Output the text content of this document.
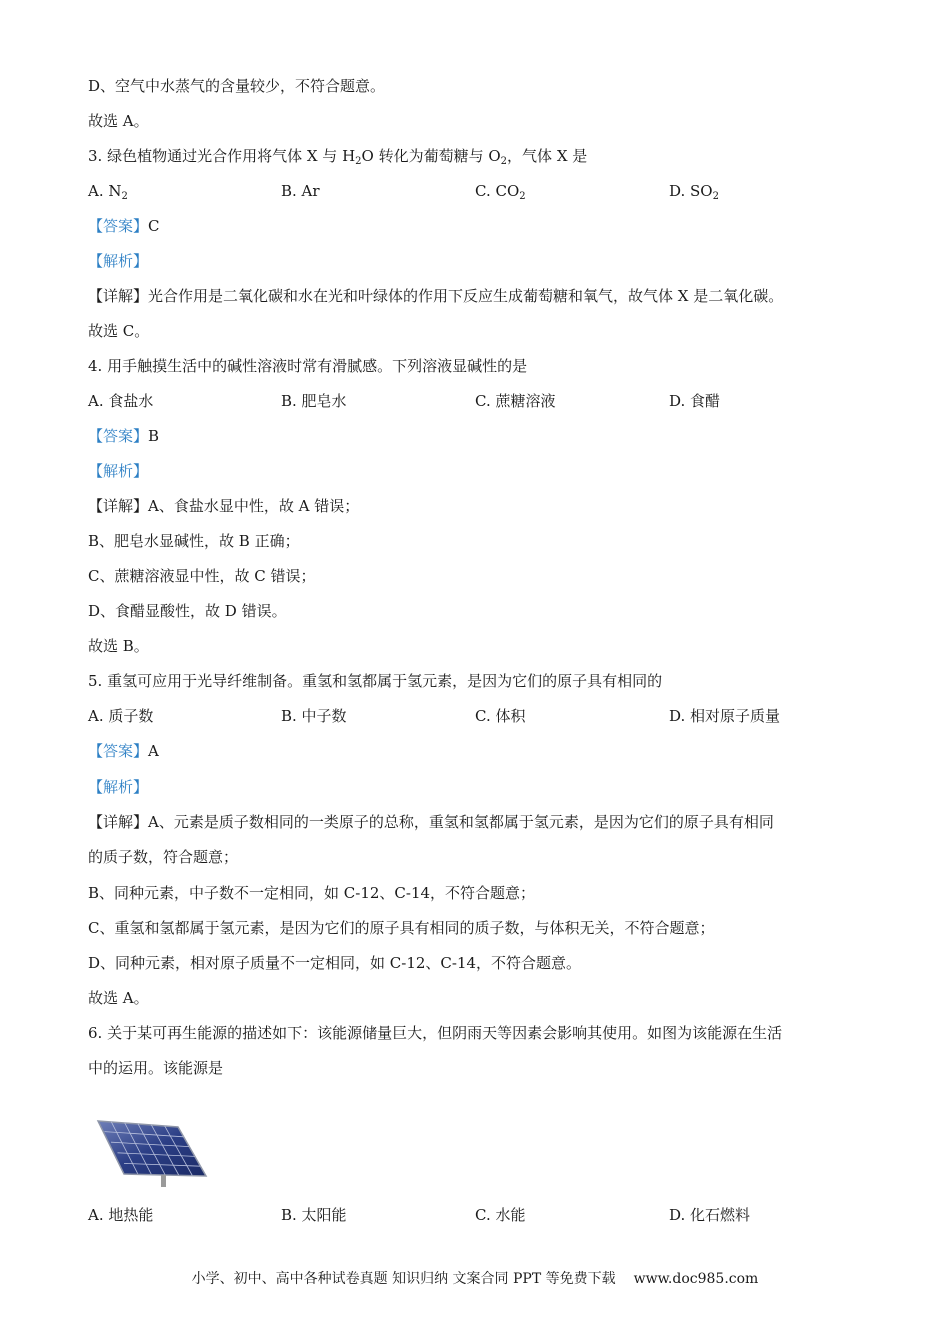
D、空气中水蒸气的含量较少，不符合题意。
故选 A。
3. 绿色植物通过光合作用将气体 X 与 $H_2O$ 转化为葡萄糖与 $O_2$，气体 X 是
A. $N_2$	B. Ar	C. $CO_2$	D. $SO_2$
【答案】C
【解析】
【详解】光合作用是二氧化碳和水在光和叶绿体的作用下反应生成葡萄糖和氧气，故气体 X 是二氧化碳。
故选 C。
4. 用手触摸生活中的碱性溶液时常有滑腻感。下列溶液显碱性的是
A. 食盐水	B. 肥皂水	C. 蔗糖溶液	D. 食醋
【答案】B
【解析】
【详解】A、食盐水显中性，故 A 错误；
B、肥皂水显碱性，故 B 正确；
C、蔗糖溶液显中性，故 C 错误；
D、食醋显酸性，故 D 错误。
故选 B。
5. 重氢可应用于光导纤维制备。重氢和氢都属于氢元素，是因为它们的原子具有相同的
A. 质子数	B. 中子数	C. 体积	D. 相对原子质量
【答案】A
【解析】
【详解】A、元素是质子数相同的一类原子的总称，重氢和氢都属于氢元素，是因为它们的原子具有相同
的质子数，符合题意；
B、同种元素，中子数不一定相同，如 C-12、C-14，不符合题意；
C、重氢和氢都属于氢元素，是因为它们的原子具有相同的质子数，与体积无关，不符合题意；
D、同种元素，相对原子质量不一定相同，如 C-12、C-14，不符合题意。
故选 A。
6. 关于某可再生能源的描述如下：该能源储量巨大，但阴雨天等因素会影响其使用。如图为该能源在生活
中的运用。该能源是
A. 地热能	B. 太阳能	C. 水能	D. 化石燃料
小学、初中、高中各种试卷真题 知识归纳 文案合同 PPT 等免费下载 www.doc985.com
